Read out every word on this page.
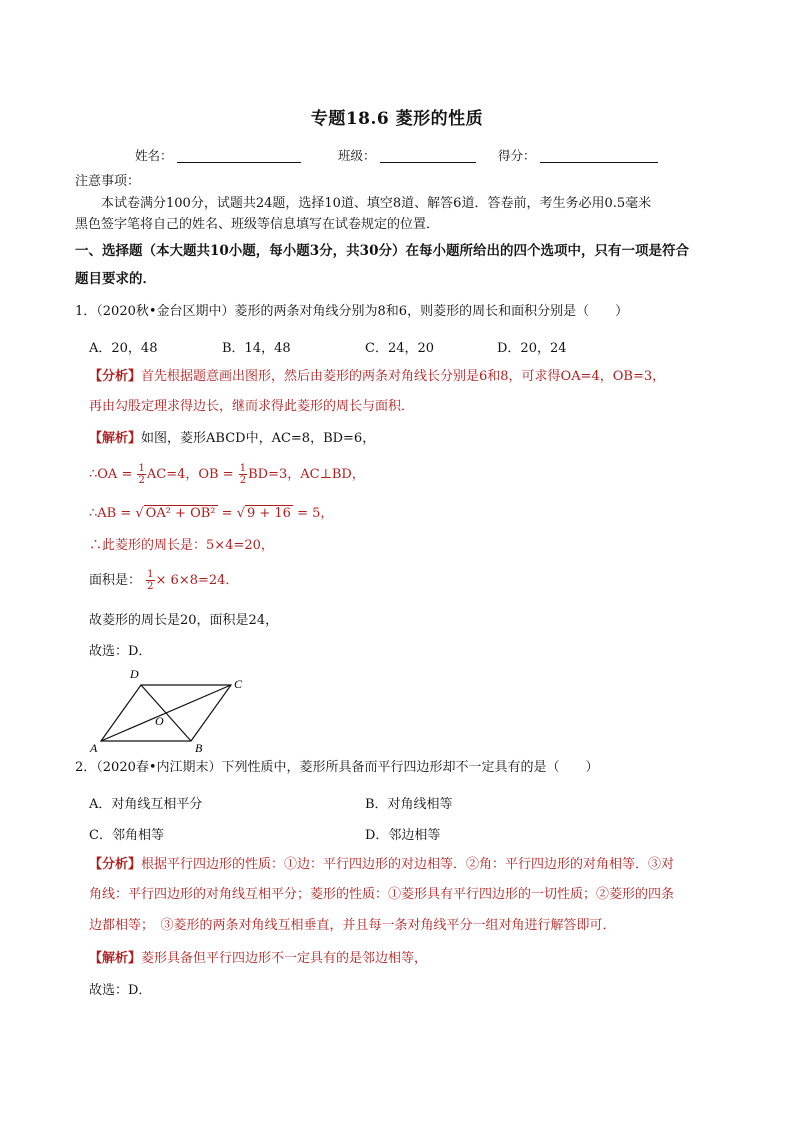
专题18.6 菱形的性质
姓名：	班级：	得分：
注意事项：
本试卷满分100分，试题共24题，选择10道、填空8道、解答6道．答卷前，考生务必用0.5毫米
黑色签字笔将自己的姓名、班级等信息填写在试卷规定的位置．
一、选择题（本大题共10小题，每小题3分，共30分）在每小题所给出的四个选项中，只有一项是符合
题目要求的．
1．（2020秋•金台区期中）菱形的两条对角线分别为8和6，则菱形的周长和面积分别是（　　）
A．20，48	B．14，48	C．24，20	D．20，24
【分析】首先根据题意画出图形，然后由菱形的两条对角线长分别是6和8，可求得OA=4，OB=3，
再由勾股定理求得边长，继而求得此菱形的周长与面积．
【解析】如图，菱形ABCD中，AC=8，BD=6，
∴OA = $\frac{1}{2} AC=4$，OB = $\frac{1}{2} BD=3$，AC⊥BD，
∴AB = √ OA² + OB² = √ 9 + 16 = 5，
∴此菱形的周长是：5×4=20，
面积是： $\frac{1}{2} \times 6\times 8=24$．
故菱形的周长是20，面积是24，
故选：D．
D
C
O
A	B
2．（2020春•内江期末）下列性质中，菱形所具备而平行四边形却不一定具有的是（　　）
A．对角线互相平分	B．对角线相等
C．邻角相等	D．邻边相等
【分析】根据平行四边形的性质：①边：平行四边形的对边相等．②角：平行四边形的对角相等．③对
角线：平行四边形的对角线互相平分；菱形的性质：①菱形具有平行四边形的一切性质；②菱形的四条
边都相等；　③菱形的两条对角线互相垂直，并且每一条对角线平分一组对角进行解答即可．
【解析】菱形具备但平行四边形不一定具有的是邻边相等，
故选：D．
